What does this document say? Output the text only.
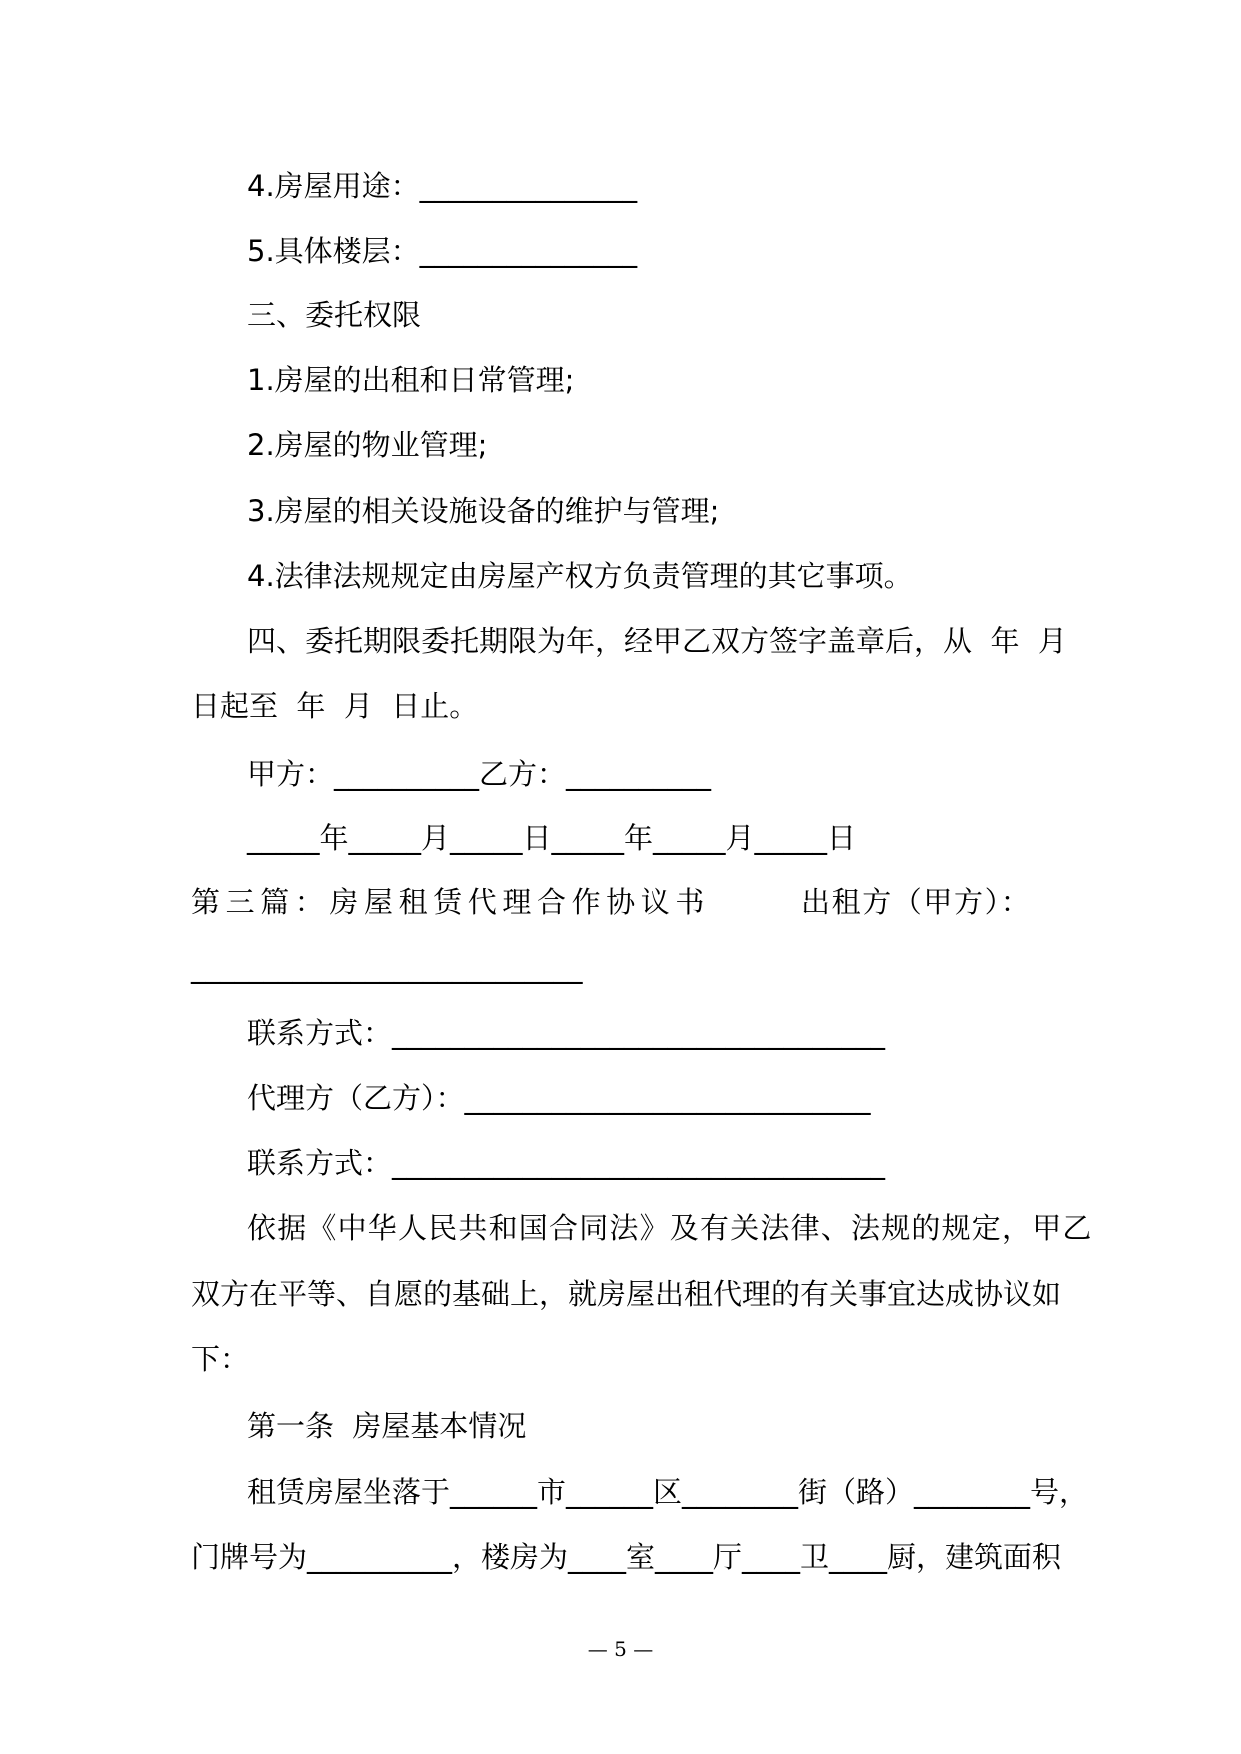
4.房屋用途：_______________
5.具体楼层：_______________
三、委托权限
1.房屋的出租和日常管理;
2.房屋的物业管理;
3.房屋的相关设施设备的维护与管理;
4.法律法规规定由房屋产权方负责管理的其它事项。
四、委托期限委托期限为年，经甲乙双方签字盖章后，从  年  月
日起至  年  月  日止。
甲方：__________乙方：__________
_____年_____月_____日_____年_____月_____日
第三篇：房屋租赁代理合作协议书	出租方（甲方）：
___________________________
联系方式：__________________________________
代理方（乙方）：____________________________
联系方式：__________________________________
依据《中华人民共和国合同法》及有关法律、法规的规定，甲乙
双方在平等、自愿的基础上，就房屋出租代理的有关事宜达成协议如
下：
第一条  房屋基本情况
租赁房屋坐落于______市______区________街（路）________号，
门牌号为__________，楼房为____室____厅____卫____厨，建筑面积
— 5 —
